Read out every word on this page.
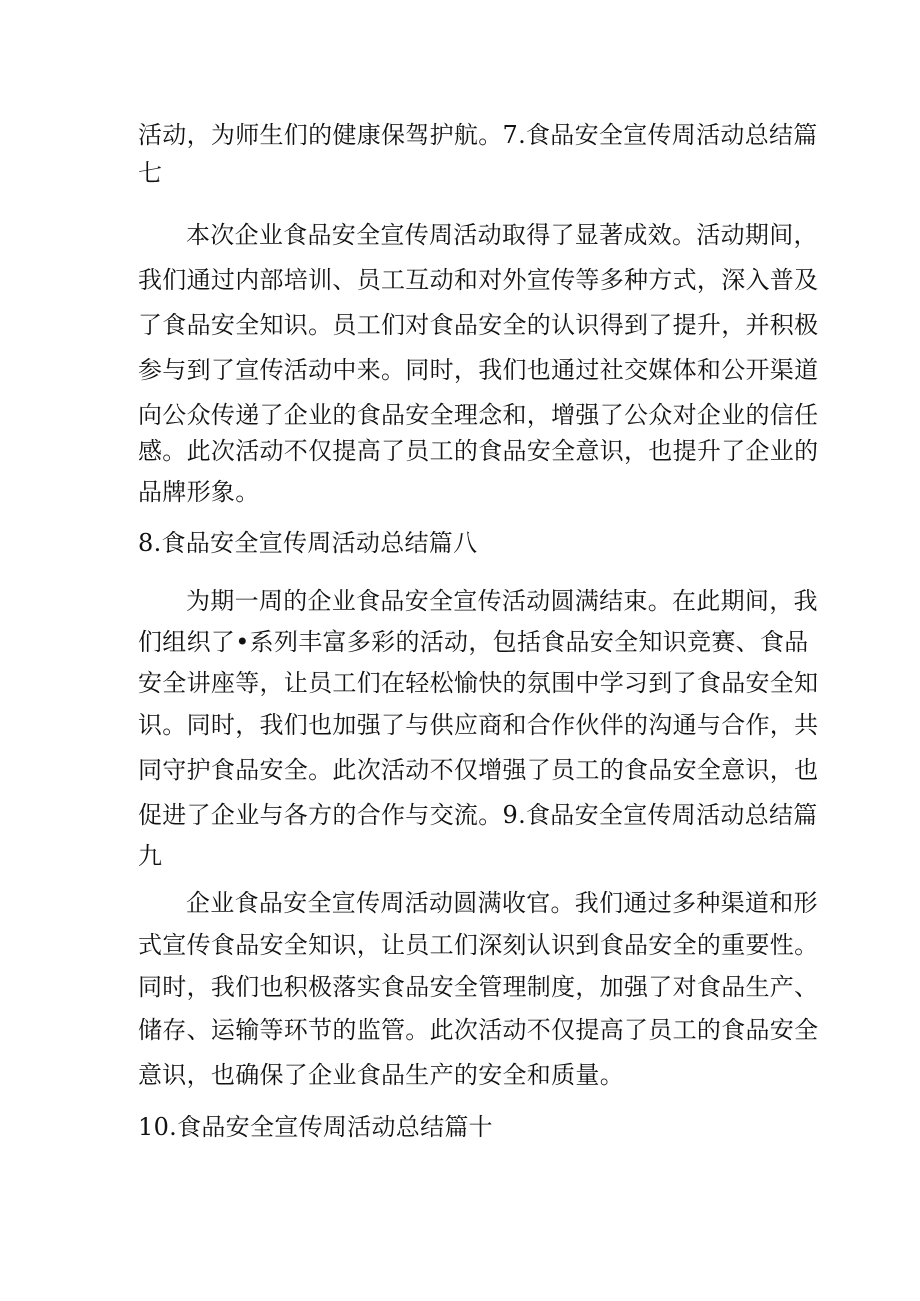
活动，为师生们的健康保驾护航。7.食品安全宣传周活动总结篇
七
本次企业食品安全宣传周活动取得了显著成效。活动期间，
我们通过内部培训、员工互动和对外宣传等多种方式，深入普及
了食品安全知识。员工们对食品安全的认识得到了提升，并积极
参与到了宣传活动中来。同时，我们也通过社交媒体和公开渠道
向公众传递了企业的食品安全理念和，增强了公众对企业的信任
感。此次活动不仅提高了员工的食品安全意识，也提升了企业的
品牌形象。
8.食品安全宣传周活动总结篇八
为期一周的企业食品安全宣传活动圆满结束。在此期间，我
们组织了•系列丰富多彩的活动，包括食品安全知识竞赛、食品
安全讲座等，让员工们在轻松愉快的氛围中学习到了食品安全知
识。同时，我们也加强了与供应商和合作伙伴的沟通与合作，共
同守护食品安全。此次活动不仅增强了员工的食品安全意识，也
促进了企业与各方的合作与交流。9.食品安全宣传周活动总结篇
九
企业食品安全宣传周活动圆满收官。我们通过多种渠道和形
式宣传食品安全知识，让员工们深刻认识到食品安全的重要性。
同时，我们也积极落实食品安全管理制度，加强了对食品生产、
储存、运输等环节的监管。此次活动不仅提高了员工的食品安全
意识，也确保了企业食品生产的安全和质量。
10.食品安全宣传周活动总结篇十
